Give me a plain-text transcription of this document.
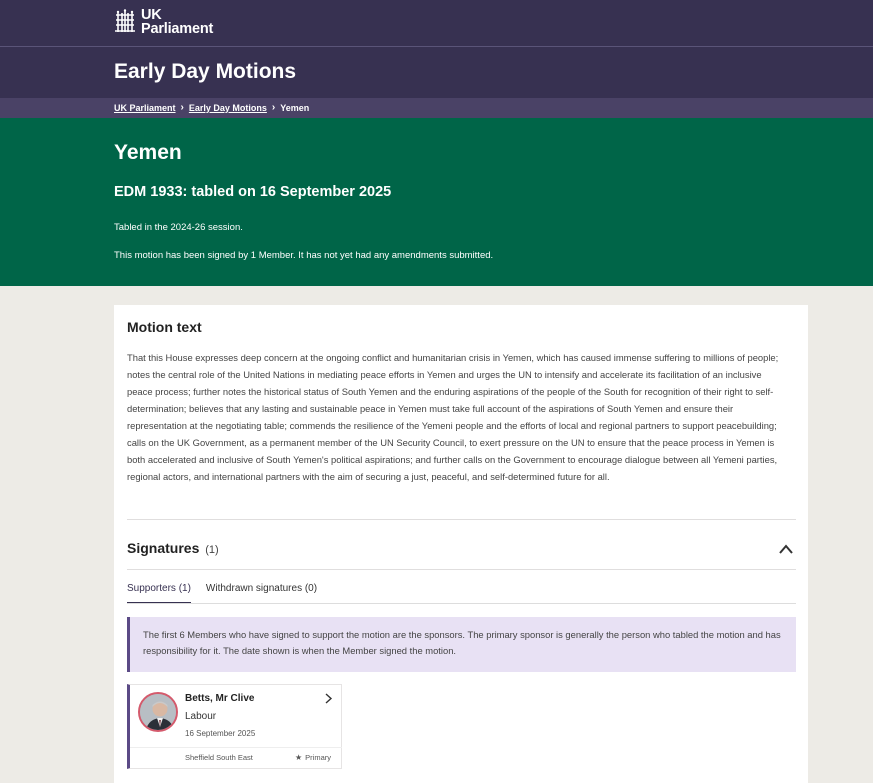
UK
Parliament
Early Day Motions
UK Parliament › Early Day Motions › Yemen
Yemen
EDM 1933: tabled on 16 September 2025
Tabled in the 2024-26 session.
This motion has been signed by 1 Member. It has not yet had any amendments submitted.
Motion text
That this House expresses deep concern at the ongoing conflict and humanitarian crisis in Yemen, which has caused immense suffering to millions of people; notes the central role of the United Nations in mediating peace efforts in Yemen and urges the UN to intensify and accelerate its facilitation of an inclusive peace process; further notes the historical status of South Yemen and the enduring aspirations of the people of the South for recognition of their right to self-determination; believes that any lasting and sustainable peace in Yemen must take full account of the aspirations of South Yemen and ensure their representation at the negotiating table; commends the resilience of the Yemeni people and the efforts of local and regional partners to support peacebuilding; calls on the UK Government, as a permanent member of the UN Security Council, to exert pressure on the UN to ensure that the peace process in Yemen is both accelerated and inclusive of South Yemen's political aspirations; and further calls on the Government to encourage dialogue between all Yemeni parties, regional actors, and international partners with the aim of securing a just, peaceful, and self-determined future for all.
Signatures (1)
Supporters (1) Withdrawn signatures (0)

The first 6 Members who have signed to support the motion are the sponsors. The primary sponsor is generally the person who tabled the motion and has responsibility for it. The date shown is when the Member signed the motion.

Betts, Mr Clive
Labour
16 September 2025
Sheffield South East	★ Primary
